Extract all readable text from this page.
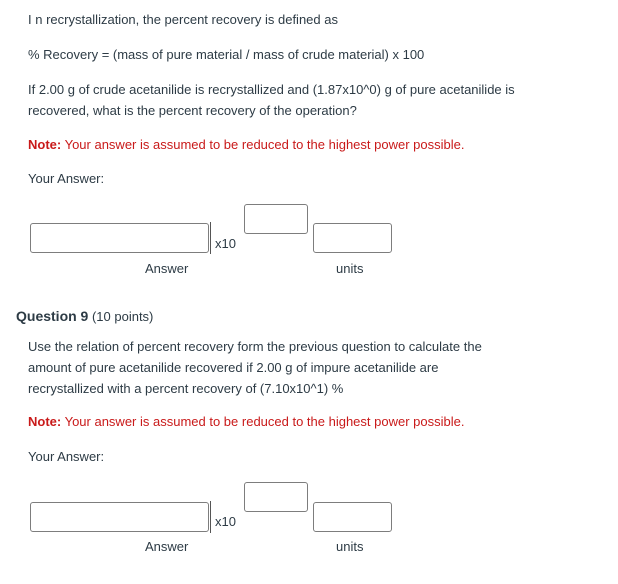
I n recrystallization, the percent recovery is defined as
% Recovery = (mass of pure material / mass of crude material) x 100
If 2.00 g of crude acetanilide is recrystallized and (1.87x10^0) g of pure acetanilide is
recovered, what is the percent recovery of the operation?
Note: Your answer is assumed to be reduced to the highest power possible.
Your Answer:
x10
Answer	units
Question 9 (10 points)
Use the relation of percent recovery form the previous question to calculate the
amount of pure acetanilide recovered if 2.00 g of impure acetanilide are
recrystallized with a percent recovery of (7.10x10^1) %
Note: Your answer is assumed to be reduced to the highest power possible.
Your Answer:
x10
Answer	units
